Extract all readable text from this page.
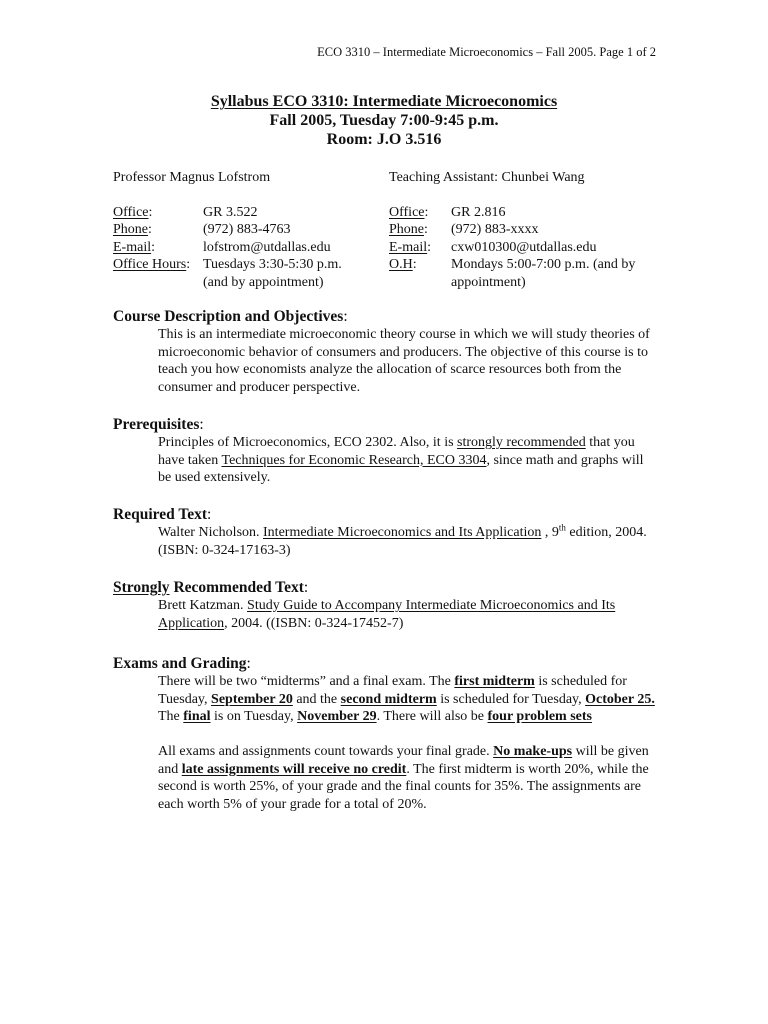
ECO 3310 – Intermediate Microeconomics – Fall 2005. Page 1 of 2
Syllabus ECO 3310: Intermediate Microeconomics
Fall 2005, Tuesday 7:00-9:45 p.m.
Room: J.O 3.516
Professor Magnus Lofstrom
Office:	GR 3.522
Phone:	(972) 883-4763
E-mail:	lofstrom@utdallas.edu
Office Hours: Tuesdays 3:30-5:30 p.m.
(and by appointment)
Teaching Assistant: Chunbei Wang
Office:	GR 2.816
Phone:	(972) 883-xxxx
E-mail:	cxw010300@utdallas.edu
O.H:	Mondays 5:00-7:00 p.m. (and by
appointment)
Course Description and Objectives:

This is an intermediate microeconomic theory course in which we will study theories of microeconomic behavior of consumers and producers. The objective of this course is to teach you how economists analyze the allocation of scarce resources both from the consumer and producer perspective.

Prerequisites:

Principles of Microeconomics, ECO 2302. Also, it is strongly recommended that you have taken Techniques for Economic Research, ECO 3304, since math and graphs will be used extensively.

Required Text:

Walter Nicholson. Intermediate Microeconomics and Its Application , 9th edition, 2004. (ISBN: 0-324-17163-3)

Strongly Recommended Text:

Brett Katzman. Study Guide to Accompany Intermediate Microeconomics and Its Application, 2004. ((ISBN: 0-324-17452-7)

Exams and Grading:

There will be two “midterms” and a final exam. The first midterm is scheduled for Tuesday, September 20 and the second midterm is scheduled for Tuesday, October 25. The final is on Tuesday, November 29. There will also be four problem sets

All exams and assignments count towards your final grade. No make-ups will be given and late assignments will receive no credit. The first midterm is worth 20%, while the second is worth 25%, of your grade and the final counts for 35%. The assignments are each worth 5% of your grade for a total of 20%.
